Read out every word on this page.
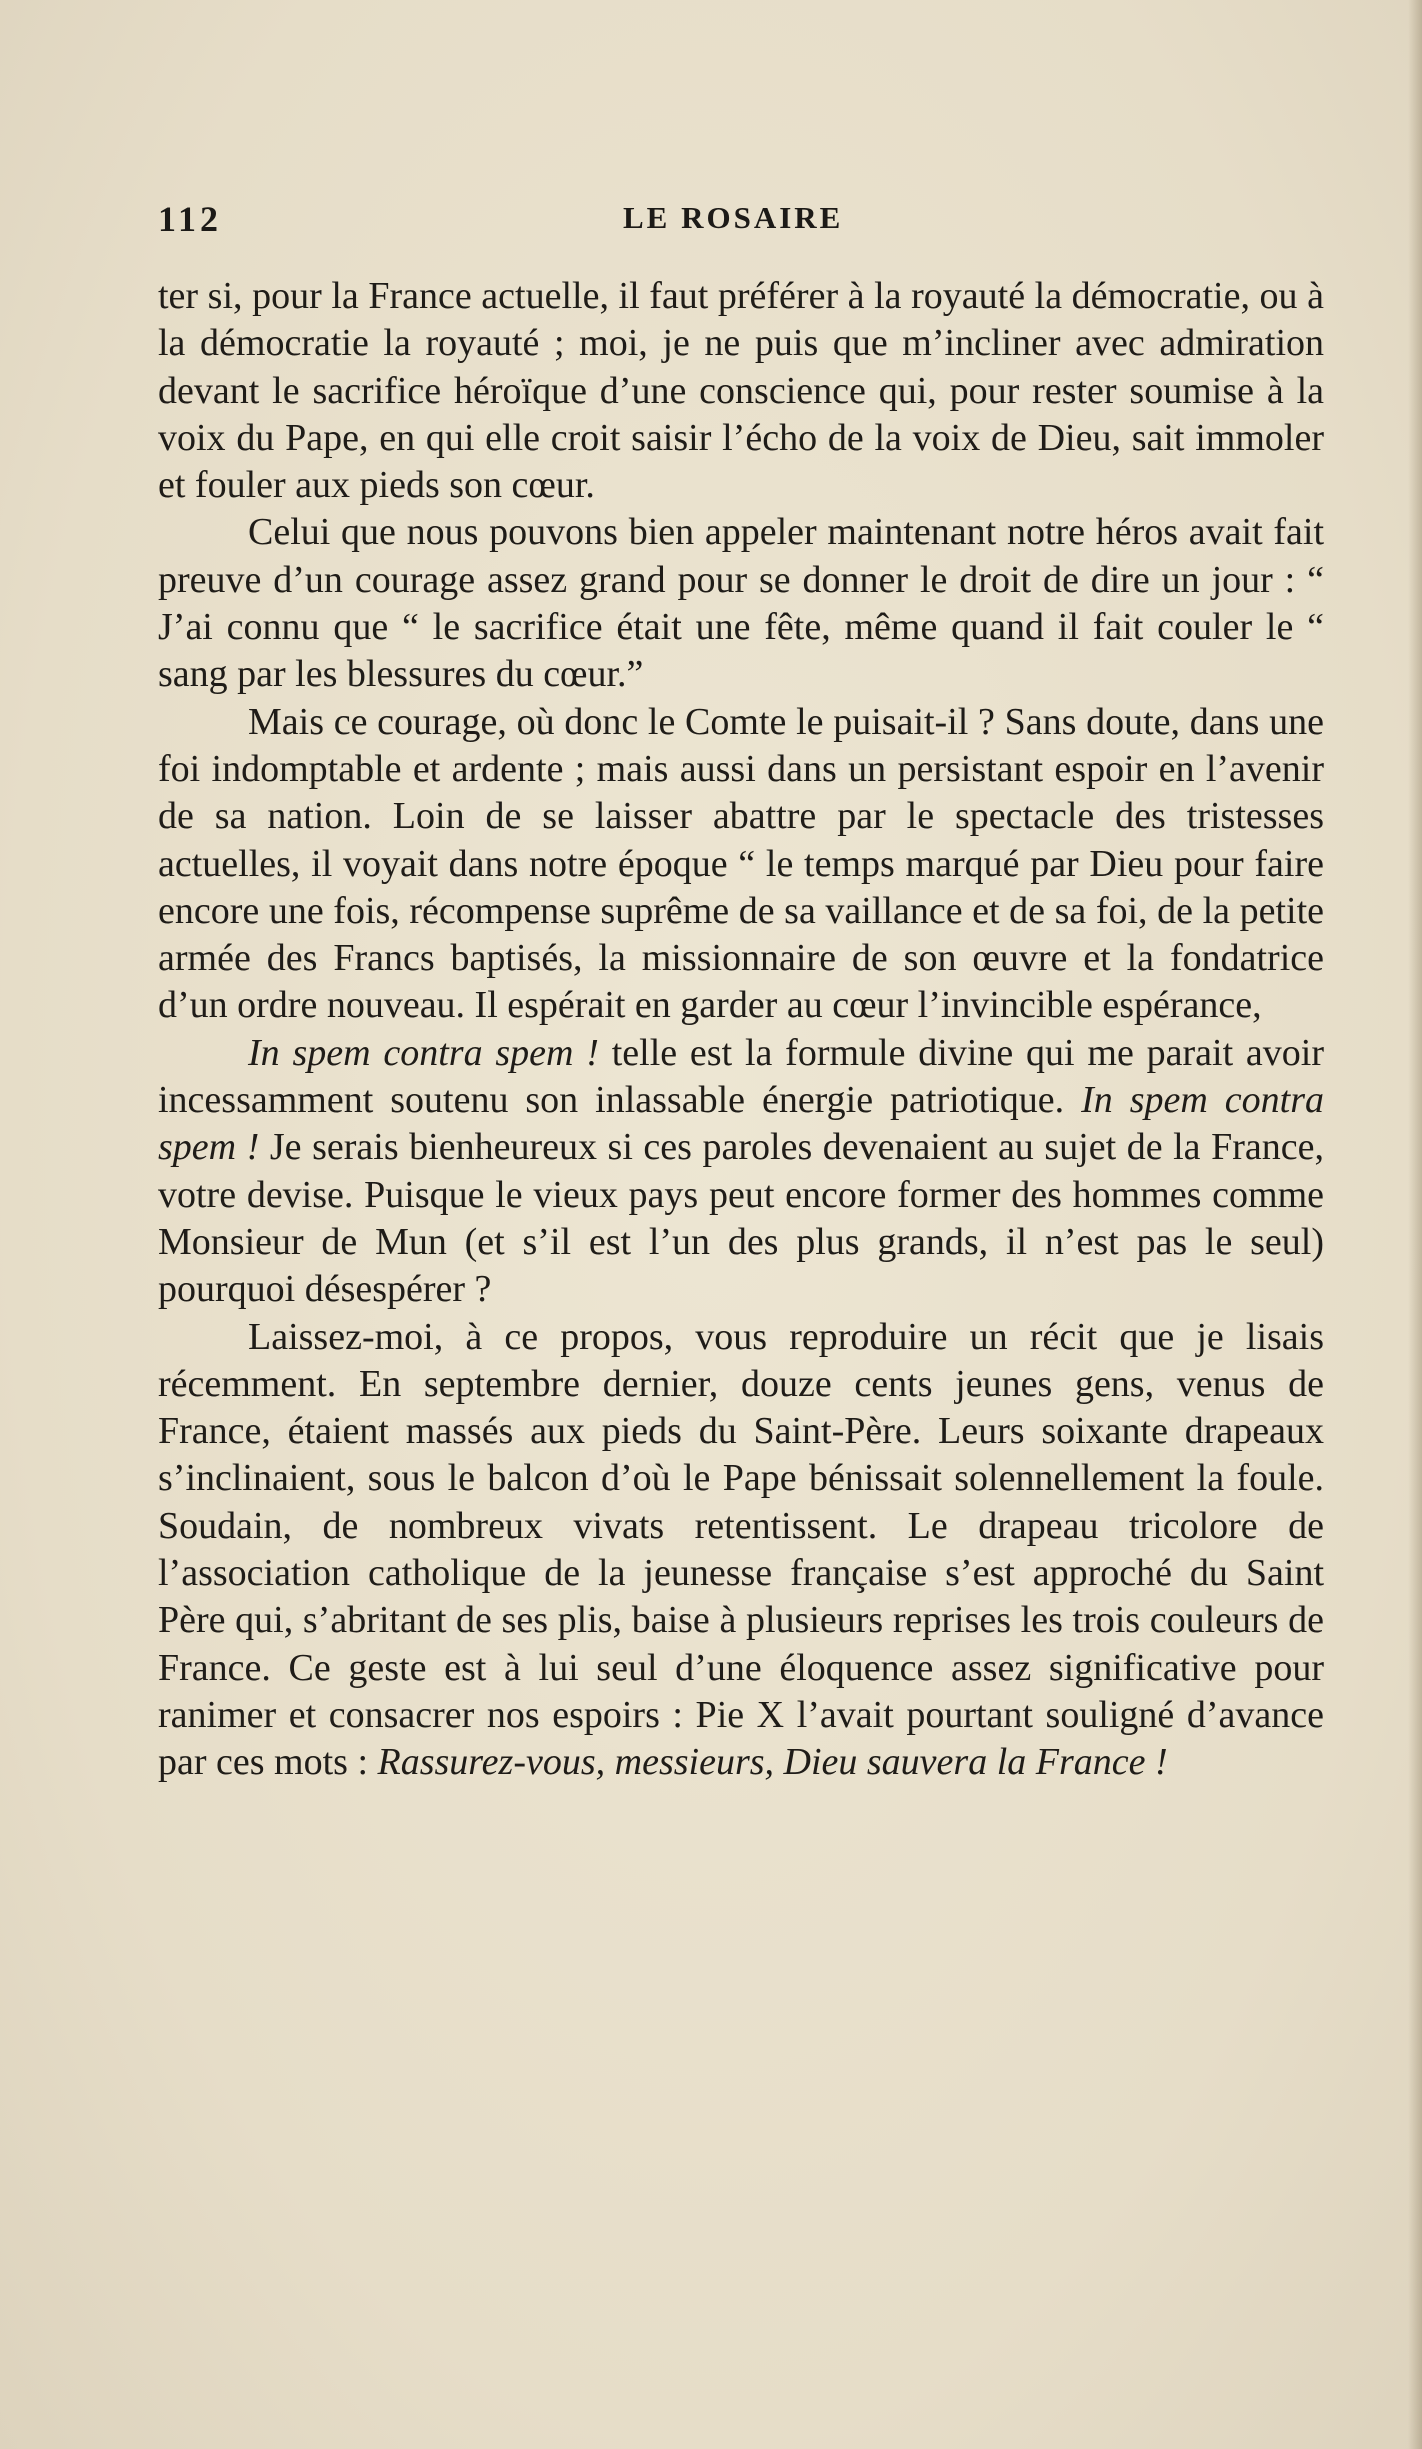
112	LE ROSAIRE

ter si, pour la France actuelle, il faut préférer à la royauté la démocratie, ou à la démocratie la royauté ; moi, je ne puis que m’incliner avec admiration devant le sacrifice héroïque d’une conscience qui, pour rester soumise à la voix du Pape, en qui elle croit saisir l’écho de la voix de Dieu, sait immoler et fouler aux pieds son cœur.

Celui que nous pouvons bien appeler maintenant notre héros avait fait preuve d’un courage assez grand pour se donner le droit de dire un jour : “ J’ai connu que “ le sacrifice était une fête, même quand il fait couler le “ sang par les blessures du cœur.”

Mais ce courage, où donc le Comte le puisait-il ? Sans doute, dans une foi indomptable et ardente ; mais aussi dans un persistant espoir en l’avenir de sa nation. Loin de se laisser abattre par le spectacle des tristesses actuelles, il voyait dans notre époque “ le temps marqué par Dieu pour faire encore une fois, récompense suprême de sa vaillance et de sa foi, de la petite armée des Francs baptisés, la missionnaire de son œuvre et la fondatrice d’un ordre nouveau. Il espérait en garder au cœur l’invincible espérance,

In spem contra spem ! telle est la formule divine qui me parait avoir incessamment soutenu son inlassable énergie patriotique. In spem contra spem ! Je serais bienheureux si ces paroles devenaient au sujet de la France, votre devise. Puisque le vieux pays peut encore former des hommes comme Monsieur de Mun (et s’il est l’un des plus grands, il n’est pas le seul) pourquoi désespérer ?

Laissez-moi, à ce propos, vous reproduire un récit que je lisais récemment. En septembre dernier, douze cents jeunes gens, venus de France, étaient massés aux pieds du Saint-Père. Leurs soixante drapeaux s’inclinaient, sous le balcon d’où le Pape bénissait solennellement la foule. Soudain, de nombreux vivats retentissent. Le drapeau tricolore de l’association catholique de la jeunesse française s’est approché du Saint Père qui, s’abritant de ses plis, baise à plusieurs reprises les trois couleurs de France. Ce geste est à lui seul d’une éloquence assez significative pour ranimer et consacrer nos espoirs : Pie X l’avait pourtant souligné d’avance par ces mots : Rassurez-vous, messieurs, Dieu sauvera la France !
